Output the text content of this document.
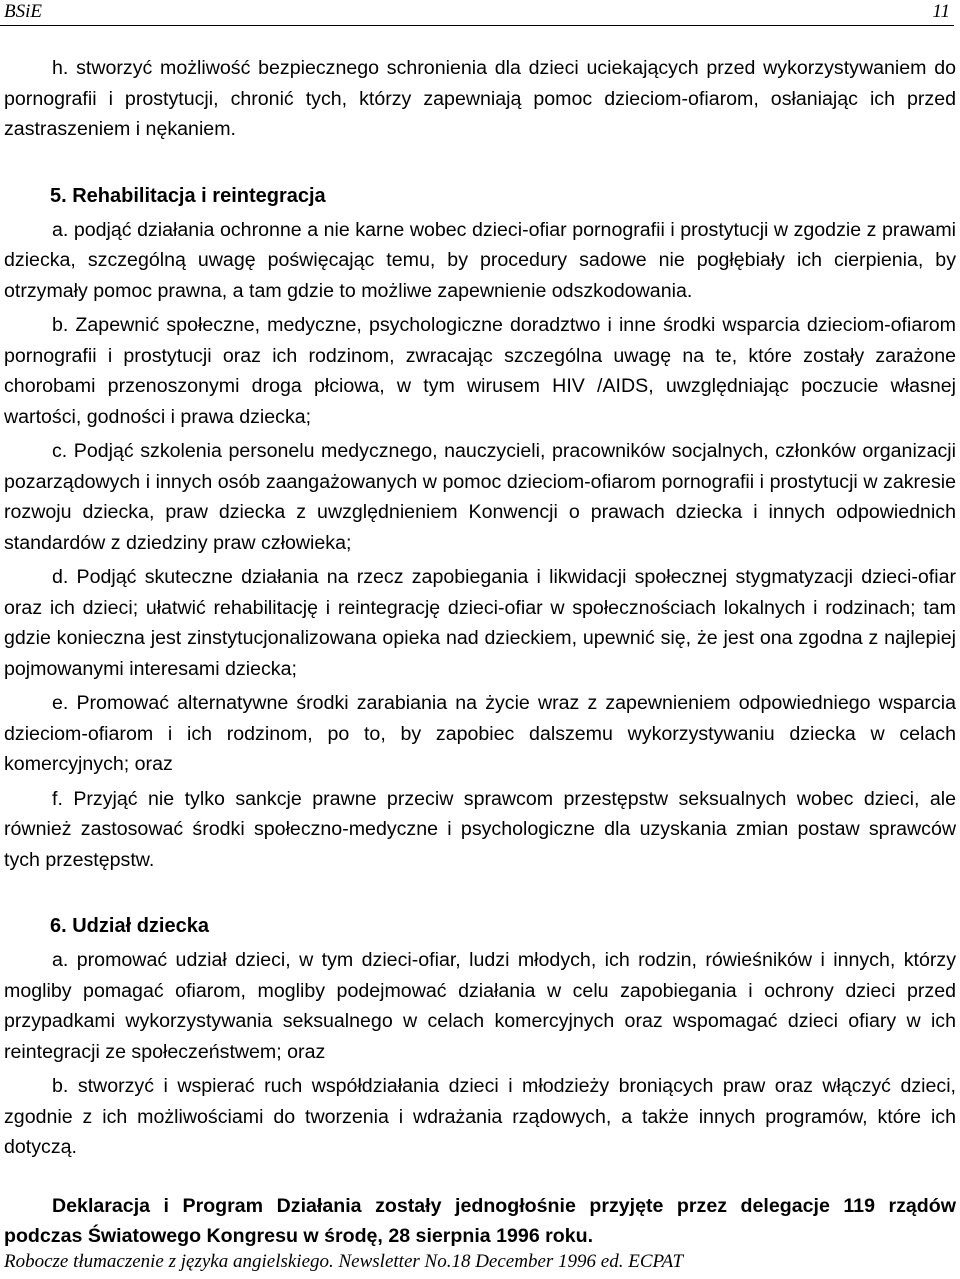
BSiE	11

h. stworzyć możliwość bezpiecznego schronienia dla dzieci uciekających przed wykorzystywaniem do pornografii i prostytucji, chronić tych, którzy zapewniają pomoc dzieciom-ofiarom, osłaniając ich przed zastraszeniem i nękaniem.

5. Rehabilitacja i reintegracja

a. podjąć działania ochronne a nie karne wobec dzieci-ofiar pornografii i prostytucji w zgodzie z prawami dziecka, szczególną uwagę poświęcając temu, by procedury sadowe nie pogłębiały ich cierpienia, by otrzymały pomoc prawna, a tam gdzie to możliwe zapewnienie odszkodowania.

b. Zapewnić społeczne, medyczne, psychologiczne doradztwo i inne środki wsparcia dzieciom-ofiarom pornografii i prostytucji oraz ich rodzinom, zwracając szczególna uwagę na te, które zostały zarażone chorobami przenoszonymi droga płciowa, w tym wirusem HIV /AIDS, uwzględniając poczucie własnej wartości, godności i prawa dziecka;

c. Podjąć szkolenia personelu medycznego, nauczycieli, pracowników socjalnych, członków organizacji pozarządowych i innych osób zaangażowanych w pomoc dzieciom-ofiarom pornografii i prostytucji w zakresie rozwoju dziecka, praw dziecka z uwzględnieniem Konwencji o prawach dziecka i innych odpowiednich standardów z dziedziny praw człowieka;

d. Podjąć skuteczne działania na rzecz zapobiegania i likwidacji społecznej stygmatyzacji dzieci-ofiar oraz ich dzieci; ułatwić rehabilitację i reintegrację dzieci-ofiar w społecznościach lokalnych i rodzinach; tam gdzie konieczna jest zinstytucjonalizowana opieka nad dzieckiem, upewnić się, że jest ona zgodna z najlepiej pojmowanymi interesami dziecka;

e. Promować alternatywne środki zarabiania na życie wraz z zapewnieniem odpowiedniego wsparcia dzieciom-ofiarom i ich rodzinom, po to, by zapobiec dalszemu wykorzystywaniu dziecka w celach komercyjnych; oraz

f. Przyjąć nie tylko sankcje prawne przeciw sprawcom przestępstw seksualnych wobec dzieci, ale również zastosować środki społeczno-medyczne i psychologiczne dla uzyskania zmian postaw sprawców tych przestępstw.

6. Udział dziecka

a. promować udział dzieci, w tym dzieci-ofiar, ludzi młodych, ich rodzin, rówieśników i innych, którzy mogliby pomagać ofiarom, mogliby podejmować działania w celu zapobiegania i ochrony dzieci przed przypadkami wykorzystywania seksualnego w celach komercyjnych oraz wspomagać dzieci ofiary w ich reintegracji ze społeczeństwem; oraz

b. stworzyć i wspierać ruch współdziałania dzieci i młodzieży broniących praw oraz włączyć dzieci, zgodnie z ich możliwościami do tworzenia i wdrażania rządowych, a także innych programów, które ich dotyczą.

Deklaracja i Program Działania zostały jednogłośnie przyjęte przez delegacje 119 rządów podczas Światowego Kongresu w środę, 28 sierpnia 1996 roku.

Robocze tłumaczenie z języka angielskiego. Newsletter No.18 December 1996 ed. ECPAT
